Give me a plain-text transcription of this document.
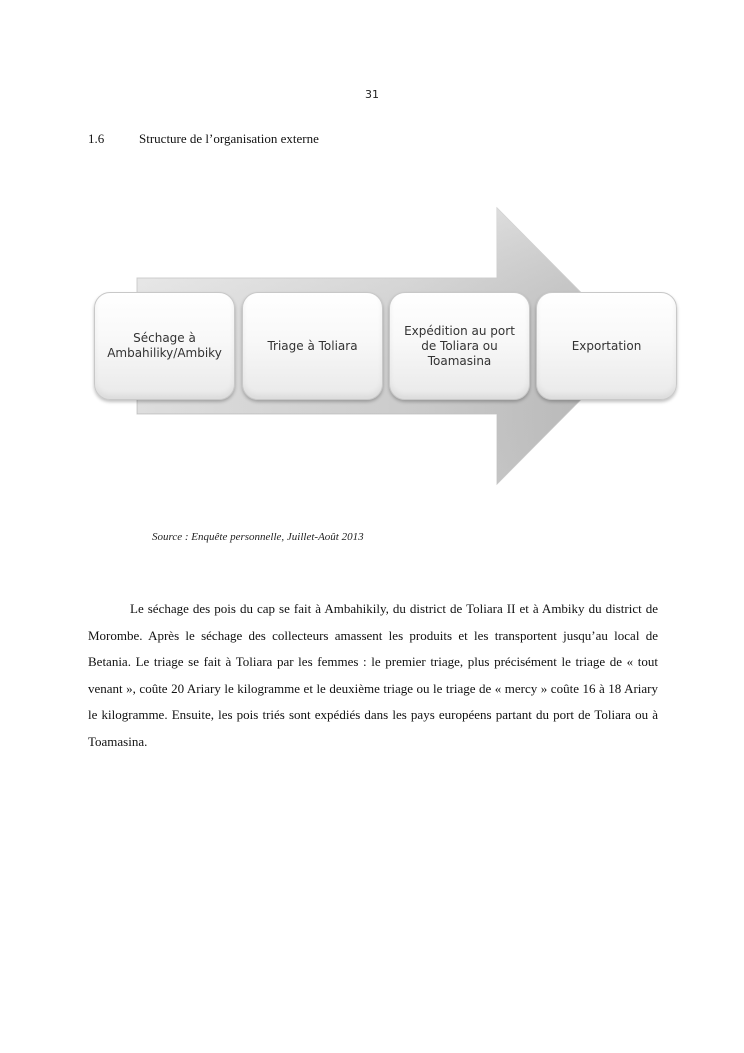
31
1.6	Structure de l’organisation externe
Séchage à
Ambahiliky/Ambiky
Triage à Toliara
Expédition au port
de Toliara ou
Toamasina
Exportation
Source : Enquête personnelle, Juillet-Août 2013

Le séchage des pois du cap se fait à Ambahikily, du district de Toliara II et à Ambiky du district de Morombe. Après le séchage des collecteurs amassent les produits et les transportent jusqu’au local de Betania. Le triage se fait à Toliara par les femmes : le premier triage, plus précisément le triage de « tout venant », coûte 20 Ariary le kilogramme et le deuxième triage ou le triage de « mercy » coûte 16 à 18 Ariary le kilogramme. Ensuite, les pois triés sont expédiés dans les pays européens partant du port de Toliara ou à Toamasina.
